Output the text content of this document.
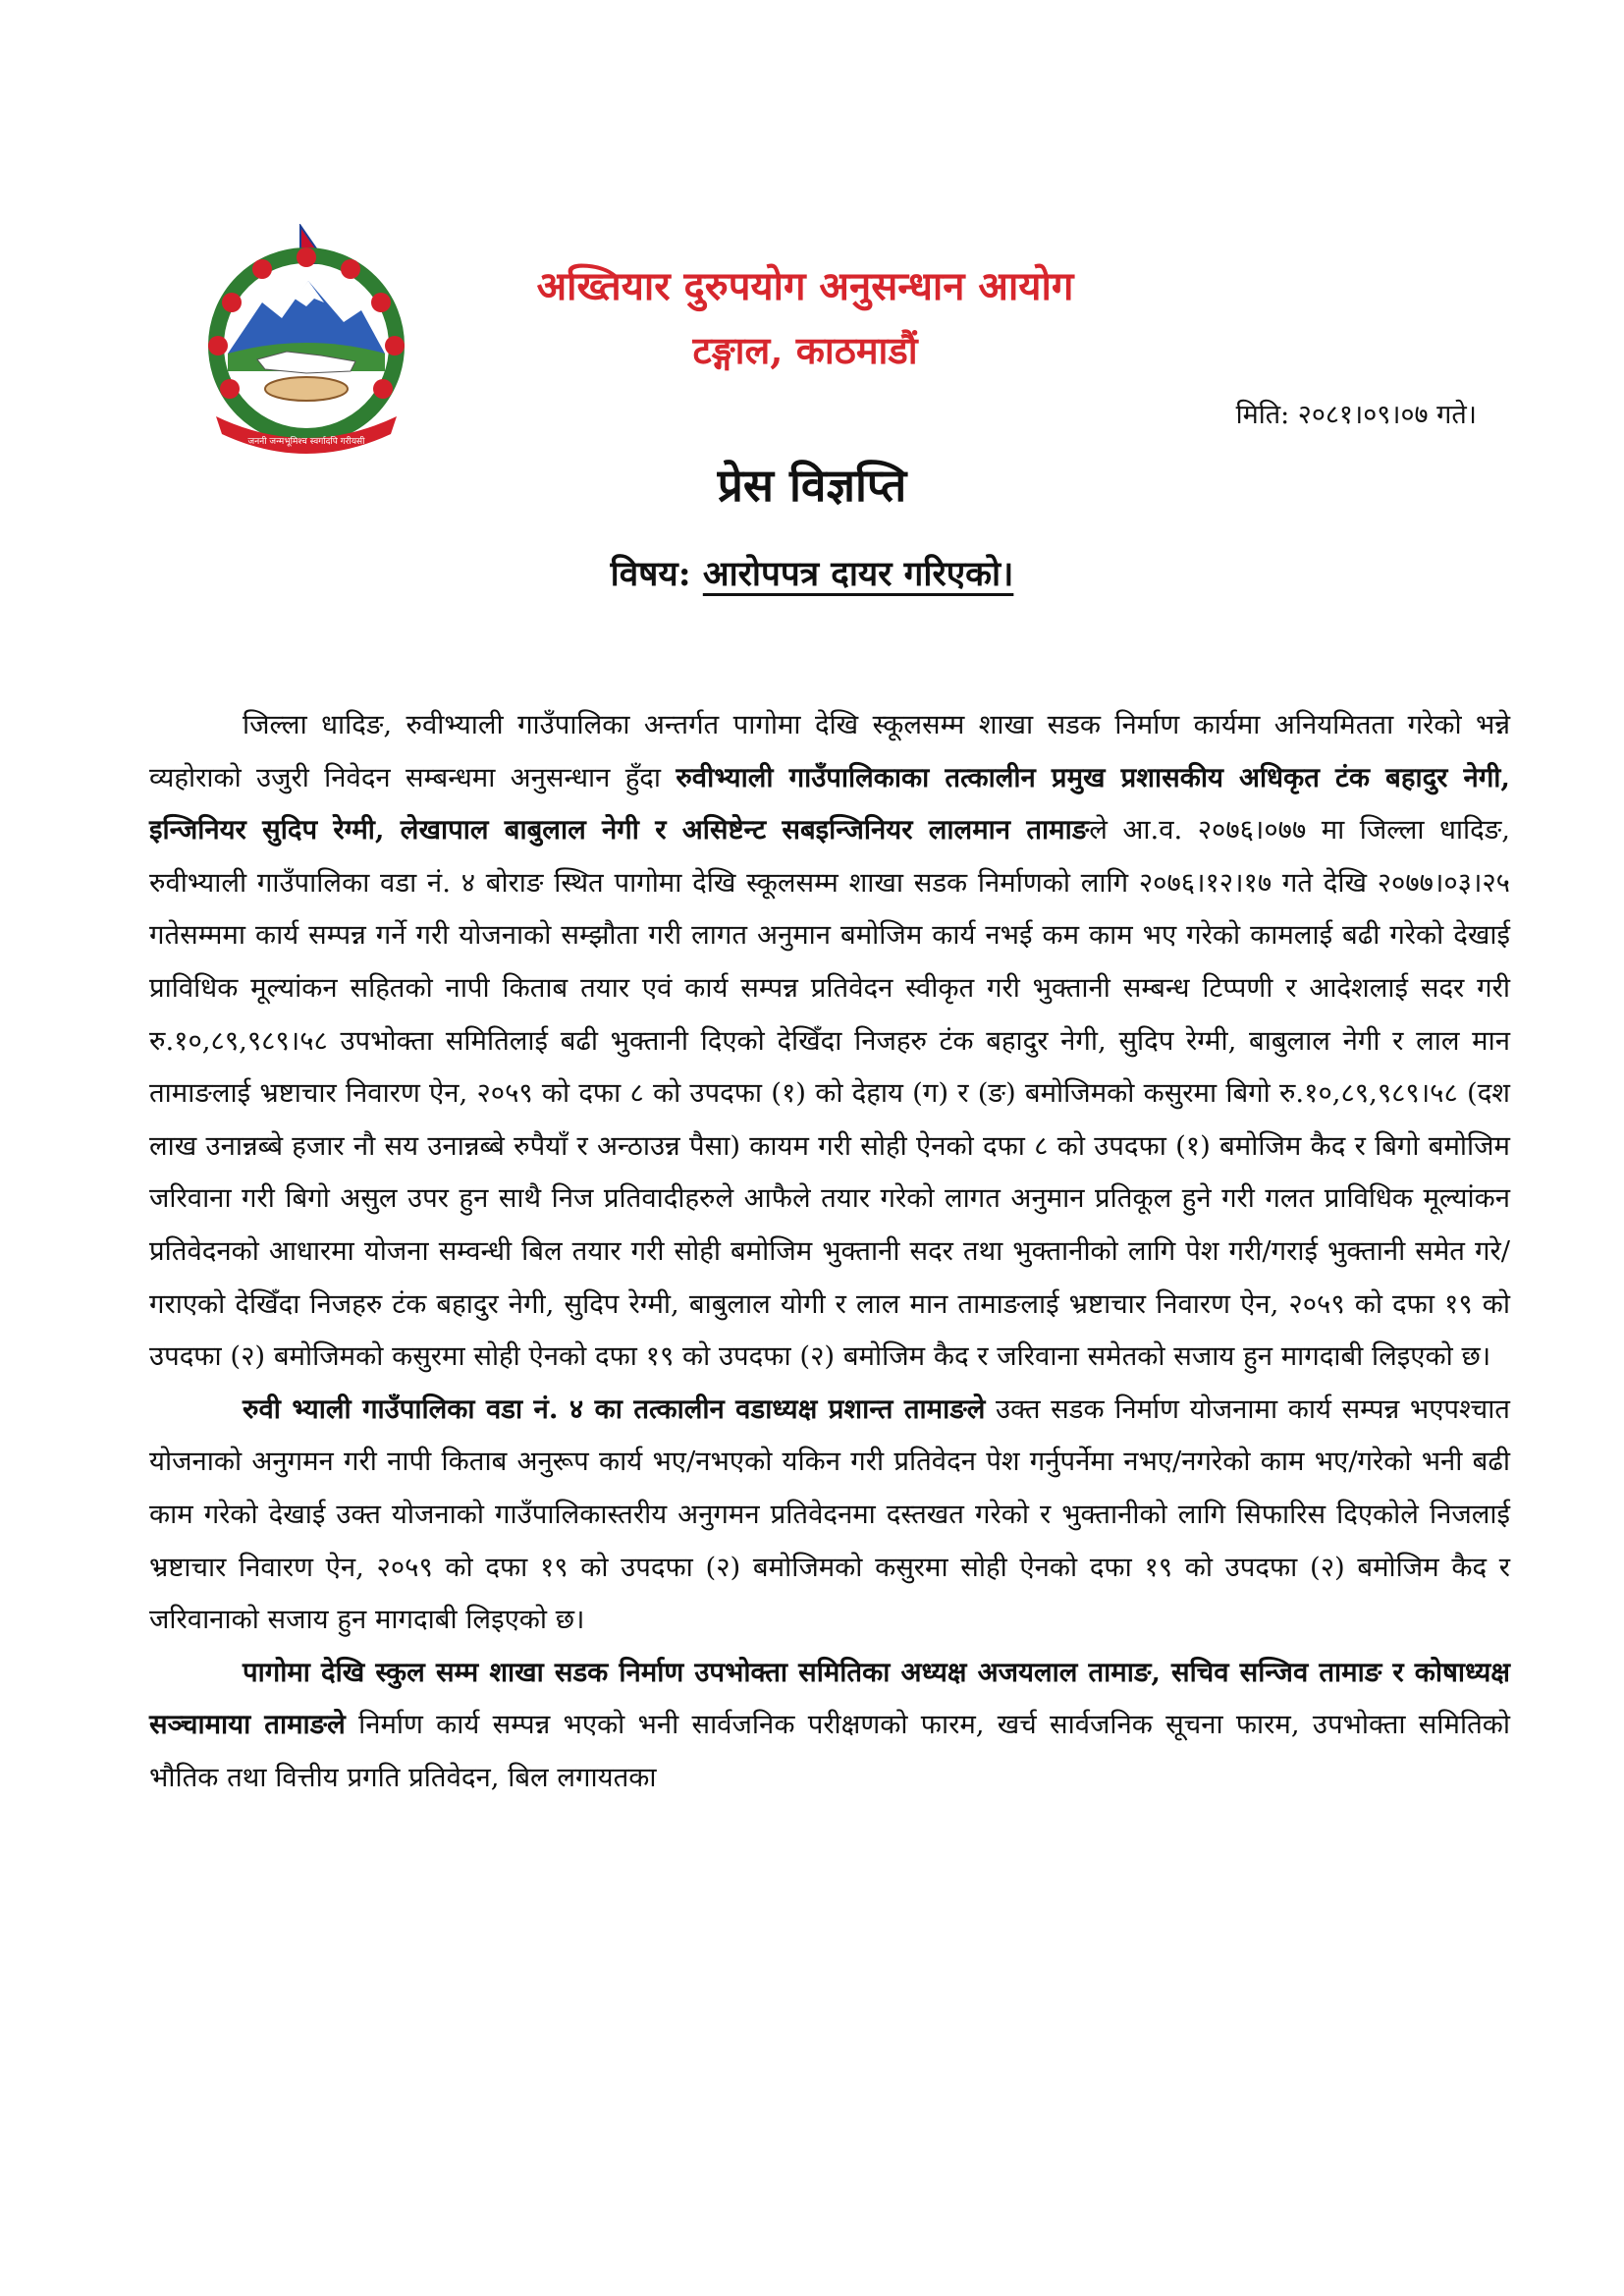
जननी जन्मभूमिश्च स्वर्गादपि गरीयसी
अख्तियार दुरुपयोग अनुसन्धान आयोग
टङ्गाल, काठमाडौं
मिति: २०८१।०९।०७ गते।
प्रेस विज्ञप्ति
विषय: आरोपपत्र दायर गरिएको।

जिल्ला धादिङ, रुवीभ्याली गाउँपालिका अन्तर्गत पागोमा देखि स्कूलसम्म शाखा सडक निर्माण कार्यमा अनियमितता गरेको भन्ने व्यहोराको उजुरी निवेदन सम्बन्धमा अनुसन्धान हुँदा रुवीभ्याली गाउँपालिकाका तत्कालीन प्रमुख प्रशासकीय अधिकृत टंक बहादुर नेगी, इन्जिनियर सुदिप रेग्मी, लेखापाल बाबुलाल नेगी र असिष्टेन्ट सबइन्जिनियर लालमान तामाङले आ.व. २०७६।०७७ मा जिल्ला धादिङ, रुवीभ्याली गाउँपालिका वडा नं. ४ बोराङ स्थित पागोमा देखि स्कूलसम्म शाखा सडक निर्माणको लागि २०७६।१२।१७ गते देखि २०७७।०३।२५ गतेसम्ममा कार्य सम्पन्न गर्ने गरी योजनाको सम्झौता गरी लागत अनुमान बमोजिम कार्य नभई कम काम भए गरेको कामलाई बढी गरेको देखाई प्राविधिक मूल्यांकन सहितको नापी किताब तयार एवं कार्य सम्पन्न प्रतिवेदन स्वीकृत गरी भुक्तानी सम्बन्ध टिप्पणी र आदेशलाई सदर गरी रु.१०,८९,९८९।५८ उपभोक्ता समितिलाई बढी भुक्तानी दिएको देखिँदा निजहरु टंक बहादुर नेगी, सुदिप रेग्मी, बाबुलाल नेगी र लाल मान तामाङलाई भ्रष्टाचार निवारण ऐन, २०५९ को दफा ८ को उपदफा (१) को देहाय (ग) र (ङ) बमोजिमको कसुरमा बिगो रु.१०,८९,९८९।५८ (दश लाख उनान्नब्बे हजार नौ सय उनान्नब्बे रुपैयाँ र अन्ठाउन्न पैसा) कायम गरी सोही ऐनको दफा ८ को उपदफा (१) बमोजिम कैद र बिगो बमोजिम जरिवाना गरी बिगो असुल उपर हुन साथै निज प्रतिवादीहरुले आफैले तयार गरेको लागत अनुमान प्रतिकूल हुने गरी गलत प्राविधिक मूल्यांकन प्रतिवेदनको आधारमा योजना सम्वन्धी बिल तयार गरी सोही बमोजिम भुक्तानी सदर तथा भुक्तानीको लागि पेश गरी/गराई भुक्तानी समेत गरे/गराएको देखिँदा निजहरु टंक बहादुर नेगी, सुदिप रेग्मी, बाबुलाल योगी र लाल मान तामाङलाई भ्रष्टाचार निवारण ऐन, २०५९ को दफा १९ को उपदफा (२) बमोजिमको कसुरमा सोही ऐनको दफा १९ को उपदफा (२) बमोजिम कैद र जरिवाना समेतको सजाय हुन मागदाबी लिइएको छ।

रुवी भ्याली गाउँपालिका वडा नं. ४ का तत्कालीन वडाध्यक्ष प्रशान्त तामाङले उक्त सडक निर्माण योजनामा कार्य सम्पन्न भएपश्चात योजनाको अनुगमन गरी नापी किताब अनुरूप कार्य भए/नभएको यकिन गरी प्रतिवेदन पेश गर्नुपर्नेमा नभए/नगरेको काम भए/गरेको भनी बढी काम गरेको देखाई उक्त योजनाको गाउँपालिकास्तरीय अनुगमन प्रतिवेदनमा दस्तखत गरेको र भुक्तानीको लागि सिफारिस दिएकोले निजलाई भ्रष्टाचार निवारण ऐन, २०५९ को दफा १९ को उपदफा (२) बमोजिमको कसुरमा सोही ऐनको दफा १९ को उपदफा (२) बमोजिम कैद र जरिवानाको सजाय हुन मागदाबी लिइएको छ।

पागोमा देखि स्कुल सम्म शाखा सडक निर्माण उपभोक्ता समितिका अध्यक्ष अजयलाल तामाङ, सचिव सन्जिव तामाङ र कोषाध्यक्ष सञ्चामाया तामाङले निर्माण कार्य सम्पन्न भएको भनी सार्वजनिक परीक्षणको फारम, खर्च सार्वजनिक सूचना फारम, उपभोक्ता समितिको भौतिक तथा वित्तीय प्रगति प्रतिवेदन, बिल लगायतका
